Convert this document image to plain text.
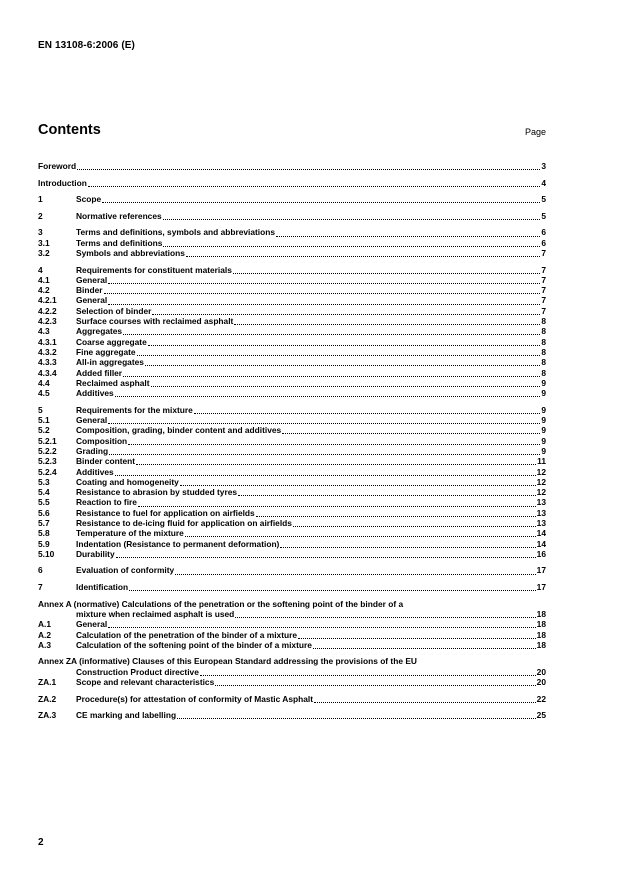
EN 13108-6:2006 (E)
Contents	Page
Foreword	3
Introduction	4
1	Scope	5
2	Normative references	5
3	Terms and definitions, symbols and abbreviations	6
3.1	Terms and definitions	6
3.2	Symbols and abbreviations	7
4	Requirements for constituent materials	7
4.1	General	7
4.2	Binder	7
4.2.1	General	7
4.2.2	Selection of binder	7
4.2.3	Surface courses with reclaimed asphalt	8
4.3	Aggregates	8
4.3.1	Coarse aggregate	8
4.3.2	Fine aggregate	8
4.3.3	All-in aggregates	8
4.3.4	Added filler	8
4.4	Reclaimed asphalt	9
4.5	Additives	9
5	Requirements for the mixture	9
5.1	General	9
5.2	Composition, grading, binder content and additives	9
5.2.1	Composition	9
5.2.2	Grading	9
5.2.3	Binder content	11
5.2.4	Additives	12
5.3	Coating and homogeneity	12
5.4	Resistance to abrasion by studded tyres	12
5.5	Reaction to fire	13
5.6	Resistance to fuel for application on airfields	13
5.7	Resistance to de-icing fluid for application on airfields	13
5.8	Temperature of the mixture	14
5.9	Indentation (Resistance to permanent deformation)	14
5.10	Durability	16
6	Evaluation of conformity	17
7	Identification	17
Annex A (normative) Calculations of the penetration or the softening point of the binder of a
mixture when reclaimed asphalt is used	18
A.1	General	18
A.2	Calculation of the penetration of the binder of a mixture	18
A.3	Calculation of the softening point of the binder of a mixture	18
Annex ZA (informative) Clauses of this European Standard addressing the provisions of the EU
Construction Product directive	20
ZA.1	Scope and relevant characteristics	20
ZA.2	Procedure(s) for attestation of conformity of Mastic Asphalt	22
ZA.3	CE marking and labelling	25
2
